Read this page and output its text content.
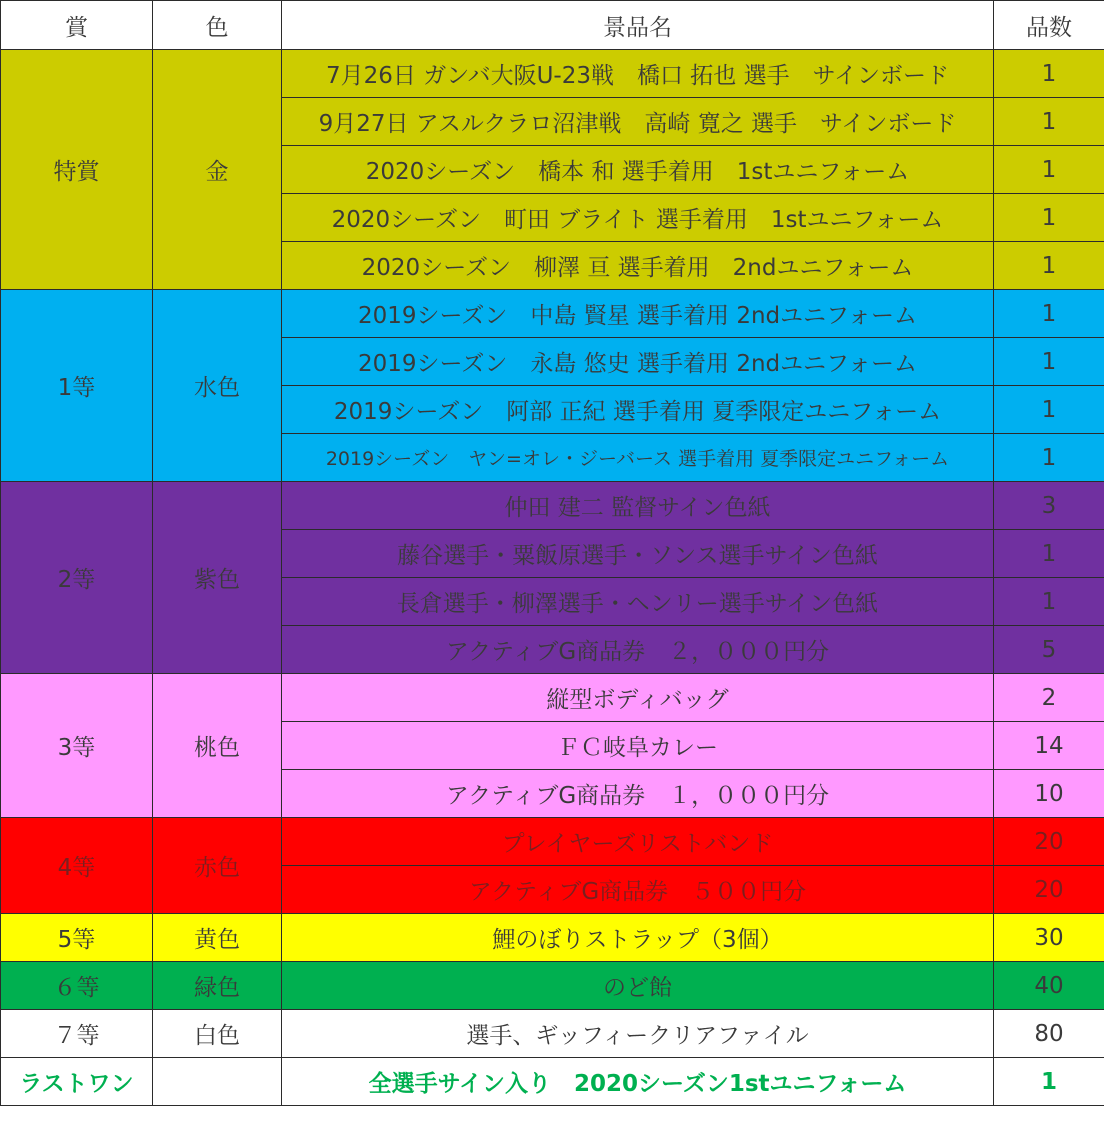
賞	色	景品名	品数
特賞	金	7月26日 ガンバ大阪U-23戦　橋口 拓也 選手　サインボード	1
		9月27日 アスルクラロ沼津戦　高崎 寛之 選手　サインボード	1
		2020シーズン　橋本 和 選手着用　1stユニフォーム	1
		2020シーズン　町田 ブライト 選手着用　1stユニフォーム	1
		2020シーズン　柳澤 亘 選手着用　2ndユニフォーム	1
1等	水色	2019シーズン　中島 賢星 選手着用 2ndユニフォーム	1
		2019シーズン　永島 悠史 選手着用 2ndユニフォーム	1
		2019シーズン　阿部 正紀 選手着用 夏季限定ユニフォーム	1
		2019シーズン　ヤン=オレ・ジーバース 選手着用 夏季限定ユニフォーム	1
2等	紫色	仲田 建二 監督サイン色紙	3
		藤谷選手・粟飯原選手・ソンス選手サイン色紙	1
		長倉選手・柳澤選手・ヘンリー選手サイン色紙	1
		アクティブG商品券　２，０００円分	5
3等	桃色	縦型ボディバッグ	2
		ＦＣ岐阜カレー	14
		アクティブG商品券　１，０００円分	10
4等	赤色	プレイヤーズリストバンド	20
		アクティブG商品券　５００円分	20
5等	黄色	鯉のぼりストラップ（3個）	30
６等	緑色	のど飴	40
７等	白色	選手、ギッフィークリアファイル	80
ラストワン		全選手サイン入り　2020シーズン1stユニフォーム	1
